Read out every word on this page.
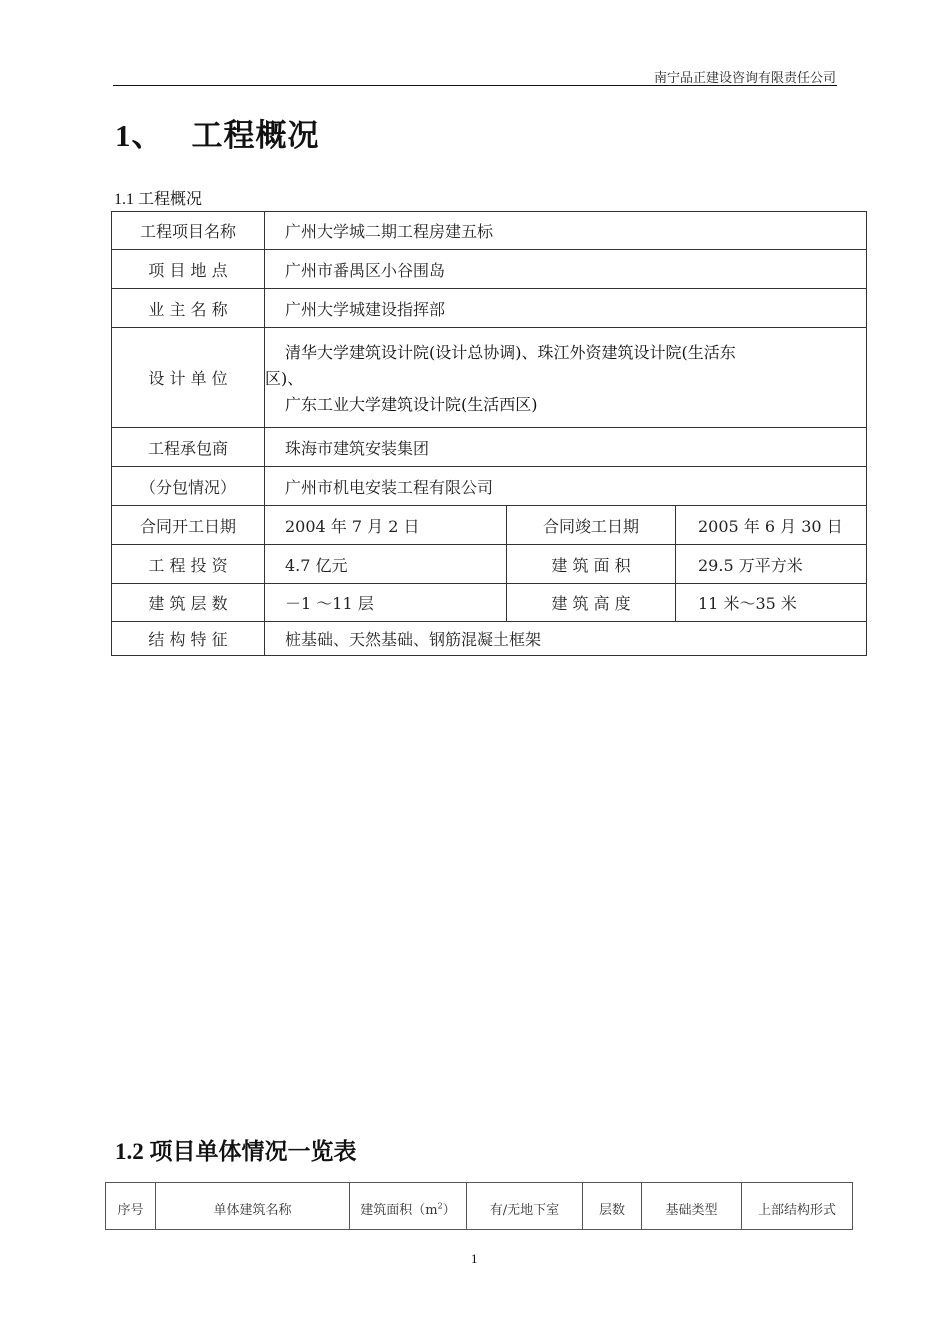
南宁品正建设咨询有限责任公司
1、 工程概况
1.1 工程概况
工程项目名称	广州大学城二期工程房建五标		
项 目 地 点	广州市番禺区小谷围岛		
业 主 名 称	广州大学城建设指挥部		
设 计 单 位	清华大学建筑设计院(设计总协调)、珠江外资建筑设计院(生活东
区)、
广东工业大学建筑设计院(生活西区)		

工程承包商	珠海市建筑安装集团		
（分包情况）	广州市机电安装工程有限公司		
合同开工日期	2004 年 7 月 2 日	合同竣工日期	2005 年 6 月 30 日
工 程 投 资	4.7 亿元	建 筑 面 积	29.5 万平方米
建 筑 层 数	－1 ～11 层	建 筑 高 度	11 米～35 米
结 构 特 征	桩基础、天然基础、钢筋混凝土框架		
1.2 项目单体情况一览表
序号	单体建筑名称	建筑面积$(m^2)$	有/无地下室	层数	基础类型	上部结构形式
1
